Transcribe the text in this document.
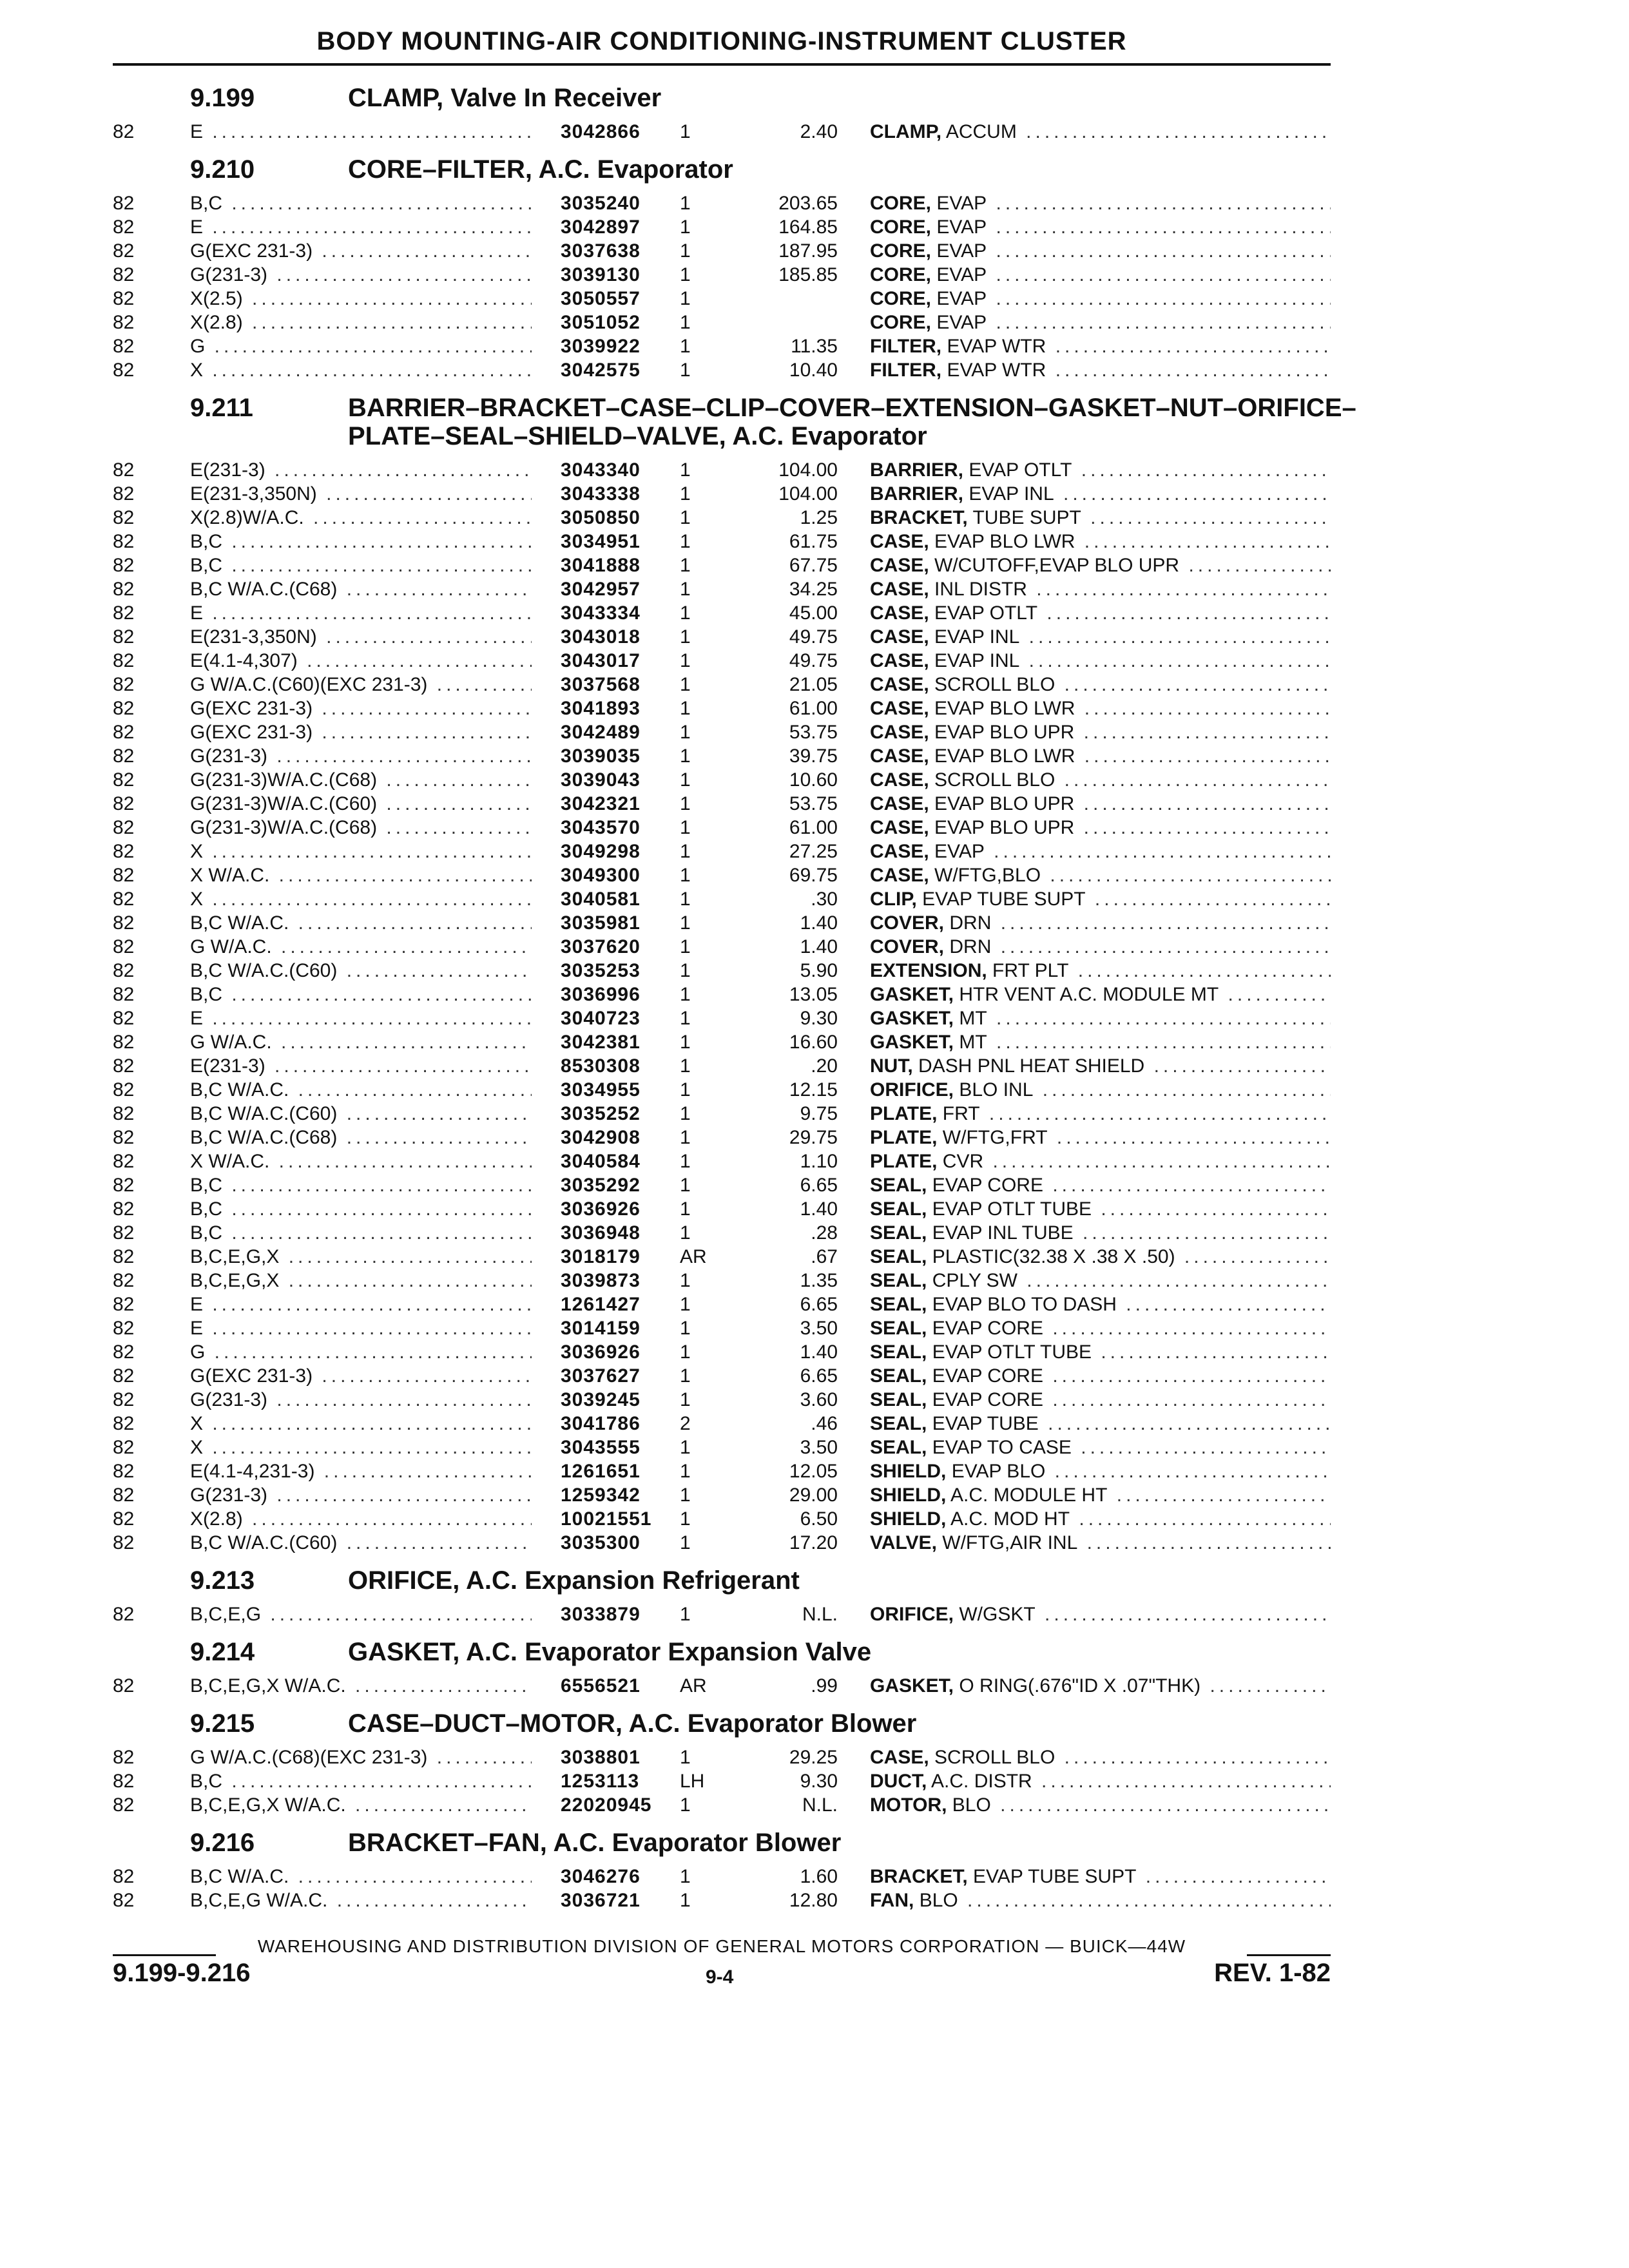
BODY MOUNTING-AIR CONDITIONING-INSTRUMENT CLUSTER
9.199	CLAMP, Valve In Receiver
82	E .....	3042866 1	2.40 CLAMP, ACCUM .....
9.210	CORE–FILTER, A.C. Evaporator
82	B,C .....	3035240 1	203.65 CORE, EVAP .....
82	E .....	3042897 1	164.85 CORE, EVAP .....
82	G(EXC 231-3) .....	3037638 1	187.95 CORE, EVAP .....
82	G(231-3) .....	3039130 1	185.85 CORE, EVAP .....
82	X(2.5) .....	3050557 1	CORE, EVAP .....
82	X(2.8) .....	3051052 1	CORE, EVAP .....
82	G .....	3039922 1	11.35 FILTER, EVAP WTR .....
82	X .....	3042575 1	10.40 FILTER, EVAP WTR .....
9.211	BARRIER–BRACKET–CASE–CLIP–COVER–EXTENSION–GASKET–NUT–ORIFICE–PLATE–SEAL–SHIELD–VALVE, A.C. Evaporator
82	E(231-3) .....	3043340 1	104.00 BARRIER, EVAP OTLT .....
82	E(231-3,350N) .....	3043338 1	104.00 BARRIER, EVAP INL .....
82	X(2.8)W/A.C. .....	3050850 1	1.25 BRACKET, TUBE SUPT .....
82	B,C .....	3034951 1	61.75 CASE, EVAP BLO LWR .....
82	B,C .....	3041888 1	67.75 CASE, W/CUTOFF,EVAP BLO UPR .....
82	B,C W/A.C.(C68) .....	3042957 1	34.25 CASE, INL DISTR .....
82	E .....	3043334 1	45.00 CASE, EVAP OTLT .....
82	E(231-3,350N) .....	3043018 1	49.75 CASE, EVAP INL .....
82	E(4.1-4,307) .....	3043017 1	49.75 CASE, EVAP INL .....
82	G W/A.C.(C60)(EXC 231-3) .....	3037568 1	21.05 CASE, SCROLL BLO .....
82	G(EXC 231-3) .....	3041893 1	61.00 CASE, EVAP BLO LWR .....
82	G(EXC 231-3) .....	3042489 1	53.75 CASE, EVAP BLO UPR .....
82	G(231-3) .....	3039035 1	39.75 CASE, EVAP BLO LWR .....
82	G(231-3)W/A.C.(C68) .....	3039043 1	10.60 CASE, SCROLL BLO .....
82	G(231-3)W/A.C.(C60) .....	3042321 1	53.75 CASE, EVAP BLO UPR .....
82	G(231-3)W/A.C.(C68) .....	3043570 1	61.00 CASE, EVAP BLO UPR .....
82	X .....	3049298 1	27.25 CASE, EVAP .....
82	X W/A.C. .....	3049300 1	69.75 CASE, W/FTG,BLO .....
82	X .....	3040581 1	.30 CLIP, EVAP TUBE SUPT .....
82	B,C W/A.C. .....	3035981 1	1.40 COVER, DRN .....
82	G W/A.C. .....	3037620 1	1.40 COVER, DRN .....
82	B,C W/A.C.(C60) .....	3035253 1	5.90 EXTENSION, FRT PLT .....
82	B,C .....	3036996 1	13.05 GASKET, HTR VENT A.C. MODULE MT .....
82	E .....	3040723 1	9.30 GASKET, MT .....
82	G W/A.C. .....	3042381 1	16.60 GASKET, MT .....
82	E(231-3) .....	8530308 1	.20 NUT, DASH PNL HEAT SHIELD .....
82	B,C W/A.C. .....	3034955 1	12.15 ORIFICE, BLO INL .....
82	B,C W/A.C.(C60) .....	3035252 1	9.75 PLATE, FRT .....
82	B,C W/A.C.(C68) .....	3042908 1	29.75 PLATE, W/FTG,FRT .....
82	X W/A.C. .....	3040584 1	1.10 PLATE, CVR .....
82	B,C .....	3035292 1	6.65 SEAL, EVAP CORE .....
82	B,C .....	3036926 1	1.40 SEAL, EVAP OTLT TUBE .....
82	B,C .....	3036948 1	.28 SEAL, EVAP INL TUBE .....
82	B,C,E,G,X .....	3018179 AR	.67 SEAL, PLASTIC(32.38 X .38 X .50) .....
82	B,C,E,G,X .....	3039873 1	1.35 SEAL, CPLY SW .....
82	E .....	1261427 1	6.65 SEAL, EVAP BLO TO DASH .....
82	E .....	3014159 1	3.50 SEAL, EVAP CORE .....
82	G .....	3036926 1	1.40 SEAL, EVAP OTLT TUBE .....
82	G(EXC 231-3) .....	3037627 1	6.65 SEAL, EVAP CORE .....
82	G(231-3) .....	3039245 1	3.60 SEAL, EVAP CORE .....
82	X .....	3041786 2	.46 SEAL, EVAP TUBE .....
82	X .....	3043555 1	3.50 SEAL, EVAP TO CASE .....
82	E(4.1-4,231-3) .....	1261651 1	12.05 SHIELD, EVAP BLO .....
82	G(231-3) .....	1259342 1	29.00 SHIELD, A.C. MODULE HT .....
82	X(2.8) .....	10021551 1	6.50 SHIELD, A.C. MOD HT .....
82	B,C W/A.C.(C60) .....	3035300 1	17.20 VALVE, W/FTG,AIR INL .....
9.213	ORIFICE, A.C. Expansion Refrigerant
82	B,C,E,G .....	3033879 1	N.L. ORIFICE, W/GSKT .....
9.214	GASKET, A.C. Evaporator Expansion Valve
82	B,C,E,G,X W/A.C. .....	6556521 AR	.99 GASKET, O RING(.676"ID X .07"THK) .....
9.215	CASE–DUCT–MOTOR, A.C. Evaporator Blower
82	G W/A.C.(C68)(EXC 231-3) .....	3038801 1	29.25 CASE, SCROLL BLO .....
82	B,C .....	1253113 LH	9.30 DUCT, A.C. DISTR .....
82	B,C,E,G,X W/A.C. .....	22020945 1	N.L. MOTOR, BLO .....
9.216	BRACKET–FAN, A.C. Evaporator Blower
82	B,C W/A.C. .....	3046276 1	1.60 BRACKET, EVAP TUBE SUPT .....
82	B,C,E,G W/A.C. .....	3036721 1	12.80 FAN, BLO .....
WAREHOUSING AND DISTRIBUTION DIVISION OF GENERAL MOTORS CORPORATION — BUICK—44W
9.199-9.216	9-4	REV. 1-82
